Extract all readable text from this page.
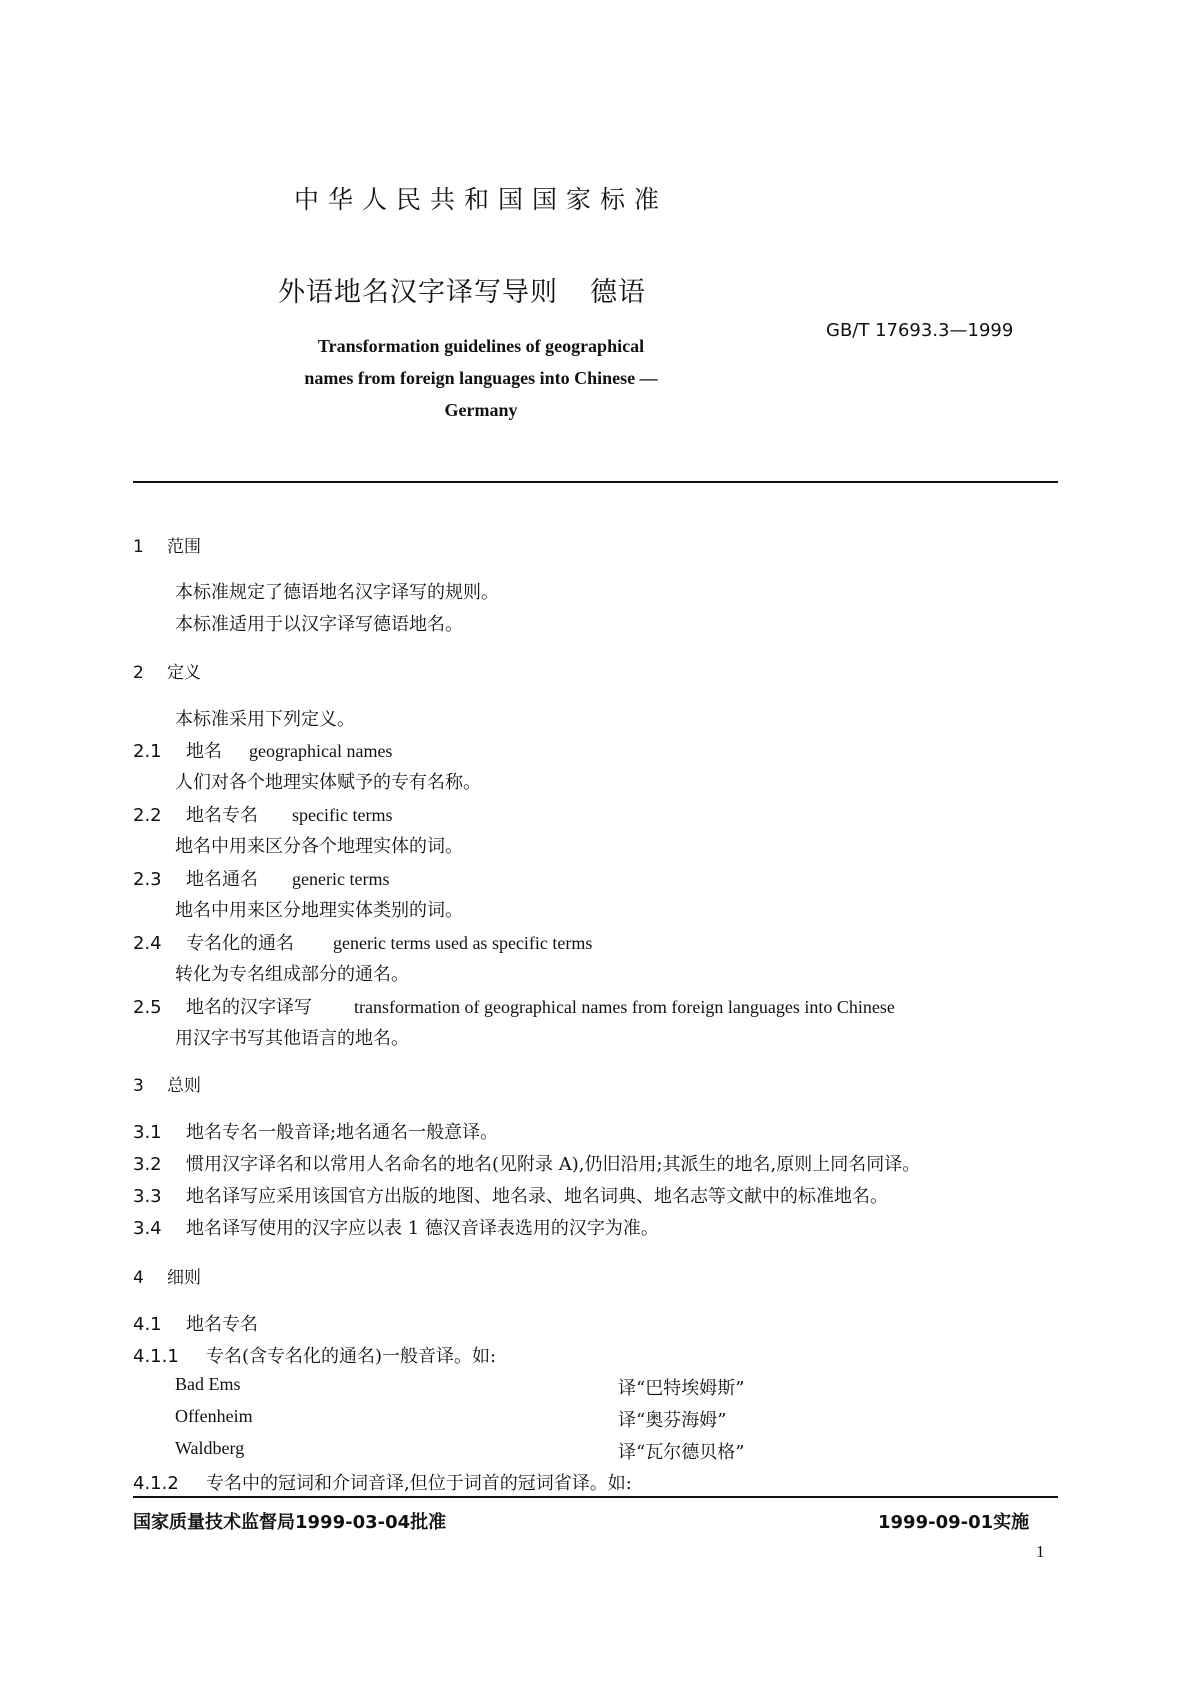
中华人民共和国国家标准
外语地名汉字译写导则 德语
GB/T 17693.3—1999
Transformation guidelines of geographical
names from foreign languages into Chinese —
Germany
1 范围
本标准规定了德语地名汉字译写的规则。
本标准适用于以汉字译写德语地名。
2 定义
本标准采用下列定义。
2.1 地名 geographical names
人们对各个地理实体赋予的专有名称。
2.2 地名专名 specific terms
地名中用来区分各个地理实体的词。
2.3 地名通名 generic terms
地名中用来区分地理实体类别的词。
2.4 专名化的通名 generic terms used as specific terms
转化为专名组成部分的通名。
2.5 地名的汉字译写 transformation of geographical names from foreign languages into Chinese
用汉字书写其他语言的地名。
3 总则
3.1 地名专名一般音译;地名通名一般意译。
3.2 惯用汉字译名和以常用人名命名的地名(见附录 A),仍旧沿用;其派生的地名,原则上同名同译。
3.3 地名译写应采用该国官方出版的地图、地名录、地名词典、地名志等文献中的标准地名。
3.4 地名译写使用的汉字应以表 1 德汉音译表选用的汉字为准。
4 细则
4.1 地名专名
4.1.1 专名(含专名化的通名)一般音译。如:
Bad Ems	译“巴特埃姆斯”
Offenheim	译“奥芬海姆”
Waldberg	译“瓦尔德贝格”
4.1.2 专名中的冠词和介词音译,但位于词首的冠词省译。如:
国家质量技术监督局1999-03-04批准	1999-09-01实施
1
